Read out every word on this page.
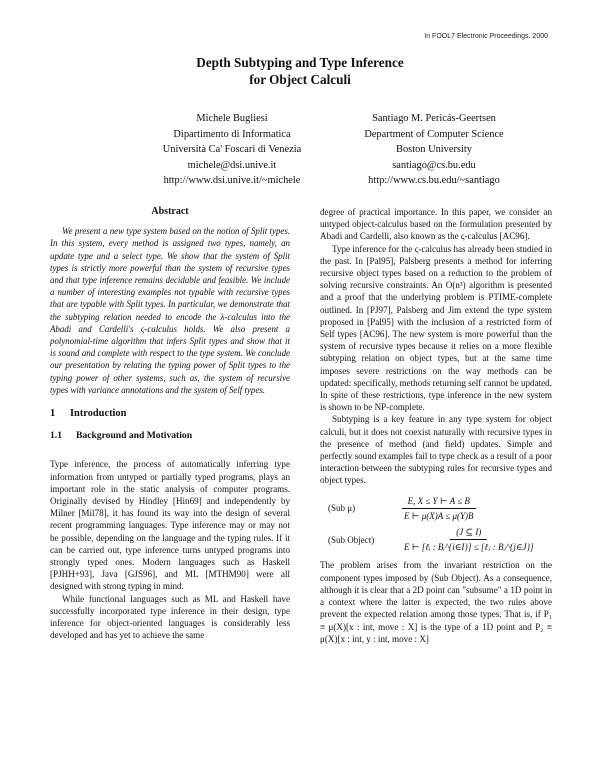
In FOOL7 Electronic Proceedings. 2000
Depth Subtyping and Type Inference
for Object Calculi
Michele Bugliesi
Dipartimento di Informatica
Università Ca' Foscari di Venezia
michele@dsi.unive.it
http://www.dsi.unive.it/~michele
Santiago M. Pericás-Geertsen
Department of Computer Science
Boston University
santiago@cs.bu.edu
http://www.cs.bu.edu/~santiago
Abstract

We present a new type system based on the notion of Split types. In this system, every method is assigned two types, namely, an update type and a select type. We show that the system of Split types is strictly more powerful than the system of recursive types and that type inference remains decidable and feasible. We include a number of interesting examples not typable with recursive types that are typable with Split types. In particular, we demonstrate that the subtyping relation needed to encode the λ-calculus into the Abadi and Cardelli's ς-calculus holds. We also present a polynomial-time algorithm that infers Split types and show that it is sound and complete with respect to the type system. We conclude our presentation by relating the typing power of Split types to the typing power of other systems, such as, the system of recursive types with variance annotations and the system of Self types.

1 Introduction
1.1 Background and Motivation

Type inference, the process of automatically inferring type information from untyped or partially typed programs, plays an important role in the static analysis of computer programs. Originally devised by Hindley [Hin69] and independently by Milner [Mil78], it has found its way into the design of several recent programming languages. Type inference may or may not be possible, depending on the language and the typing rules. If it can be carried out, type inference turns untyped programs into strongly typed ones. Modern languages such as Haskell [PJHH+93], Java [GJS96], and ML [MTHM90] were all designed with strong typing in mind.

While functional languages such as ML and Haskell have successfully incorporated type inference in their design, type inference for object-oriented languages is considerably less developed and has yet to achieve the same

degree of practical importance. In this paper, we consider an untyped object-calculus based on the formulation presented by Abadi and Cardelli, also known as the ς-calculus [AC96].

Type inference for the ς-calculus has already been studied in the past. In [Pal95], Palsberg presents a method for inferring recursive object types based on a reduction to the problem of solving recursive constraints. An O(n³) algorithm is presented and a proof that the underlying problem is PTIME-complete outlined. In [PJ97], Palsberg and Jim extend the type system proposed in [Pal95] with the inclusion of a restricted form of Self types [AC96]. The new system is more powerful than the system of recursive types because it relies on a more flexible subtyping relation on object types, but at the same time imposes severe restrictions on the way methods can be updated: specifically, methods returning self cannot be updated. In spite of these restrictions, type inference in the new system is shown to be NP-complete.

Subtyping is a key feature in any type system for object calculi, but it does not coexist naturally with recursive types in the presence of method (and field) updates. Simple and perfectly sound examples fail to type check as a result of a poor interaction between the subtyping rules for recursive types and object types.

(Sub μ)	$\frac{E, X \le Y ⊢ A \le B}{E ⊢ \mu(X)A \le \mu(Y)B}$
(Sub Object)	$\frac{(J ⊆ I)}{\text{E ⊢ [ℓᵢ : Bᵢ\textasciicircum{}\{i∈I\}] ≤ [ℓⱼ : Bⱼ\textasciicircum{}\{j∈J\}]}}$

The problem arises from the invariant restriction on the component types imposed by (Sub Object). As a consequence, although it is clear that a 2D point can "subsume" a 1D point in a context where the latter is expected, the two rules above prevent the expected relation among those types. That is, if P₁ ≡ μ(X)[x : int, move : X] is the type of a 1D point and P₂ ≡ μ(X)[x : int, y : int, move : X]
